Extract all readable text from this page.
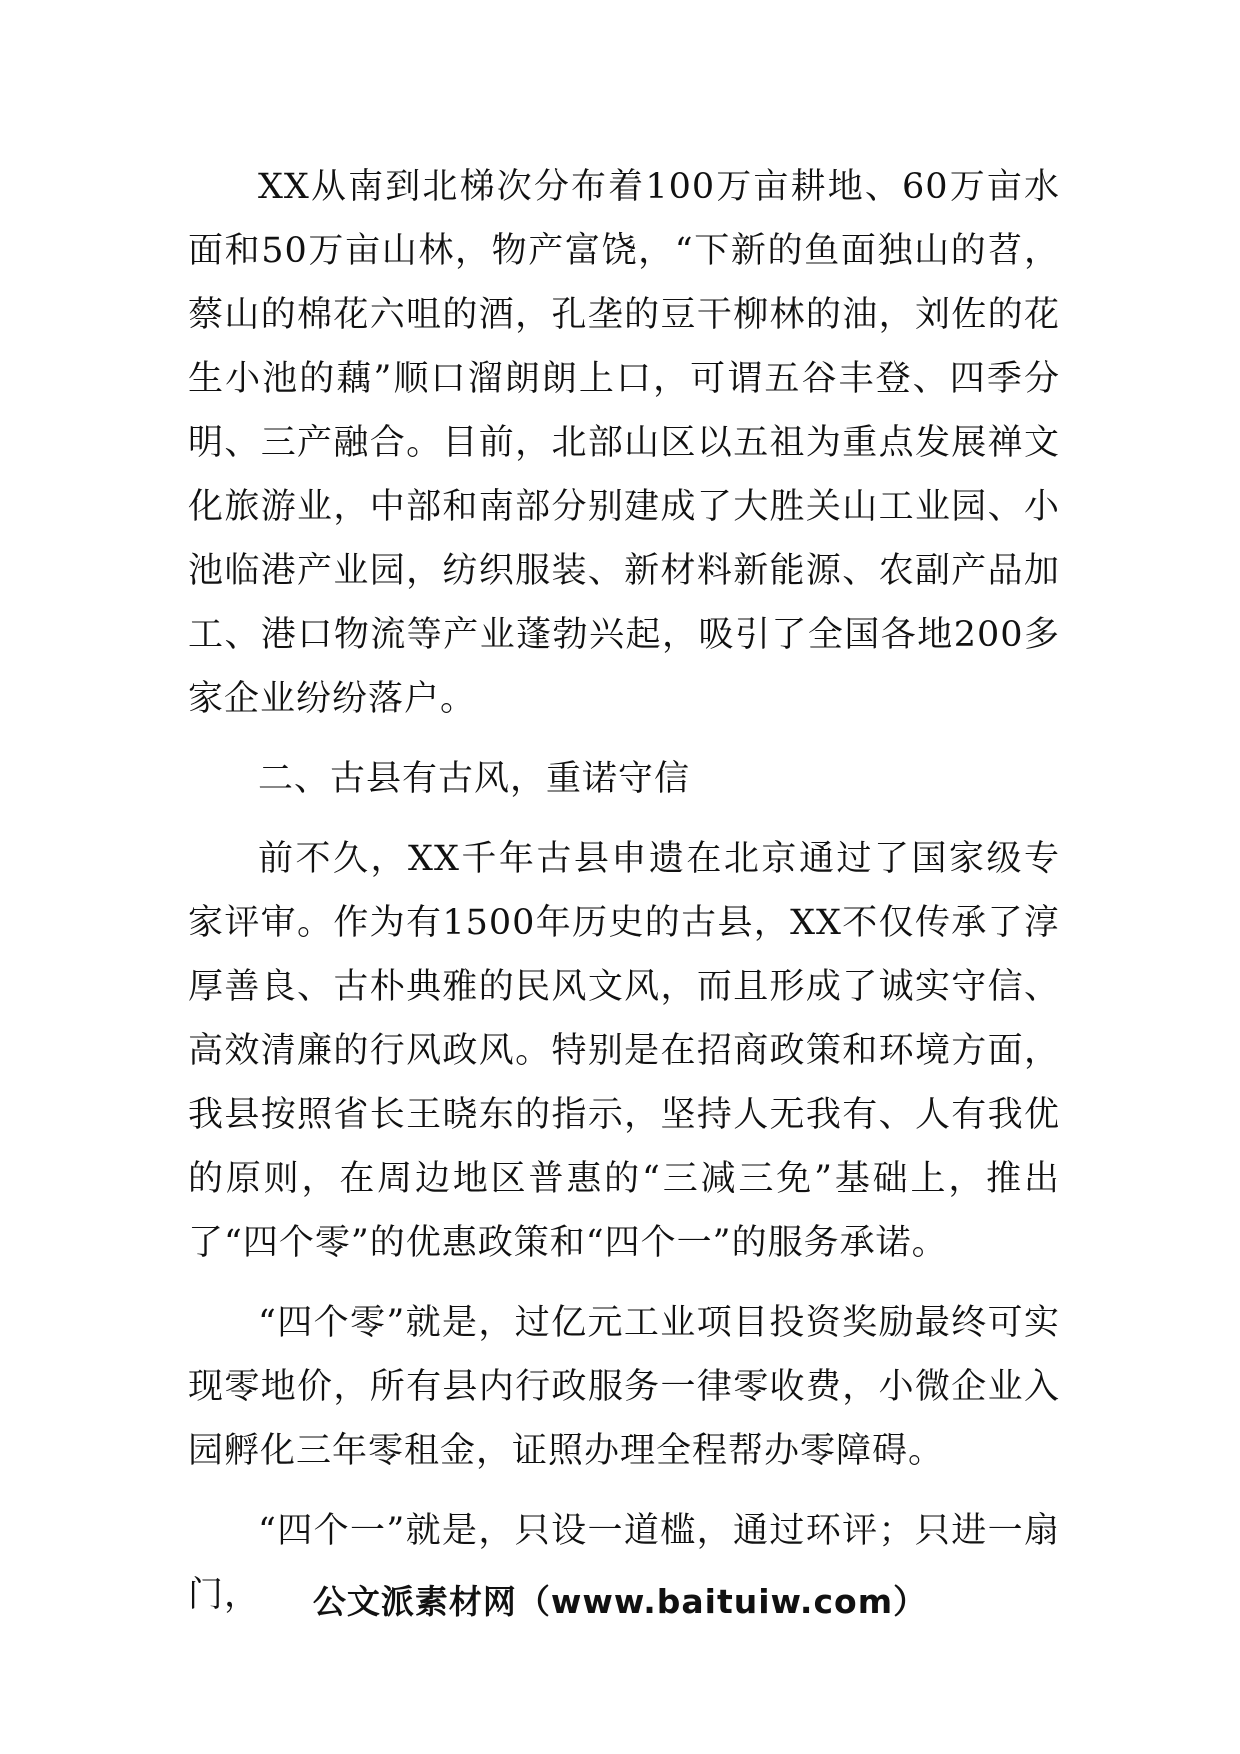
XX从南到北梯次分布着100万亩耕地、60万亩水面和50万亩山林，物产富饶，“下新的鱼面独山的苕，蔡山的棉花六咀的酒，孔垄的豆干柳林的油，刘佐的花生小池的藕”顺口溜朗朗上口，可谓五谷丰登、四季分明、三产融合。目前，北部山区以五祖为重点发展禅文化旅游业，中部和南部分别建成了大胜关山工业园、小池临港产业园，纺织服装、新材料新能源、农副产品加工、港口物流等产业蓬勃兴起，吸引了全国各地200多家企业纷纷落户。

二、古县有古风，重诺守信

前不久，XX千年古县申遗在北京通过了国家级专家评审。作为有1500年历史的古县，XX不仅传承了淳厚善良、古朴典雅的民风文风，而且形成了诚实守信、高效清廉的行风政风。特别是在招商政策和环境方面，我县按照省长王晓东的指示，坚持人无我有、人有我优的原则，在周边地区普惠的“三减三免”基础上，推出了“四个零”的优惠政策和“四个一”的服务承诺。

“四个零”就是，过亿元工业项目投资奖励最终可实现零地价，所有县内行政服务一律零收费，小微企业入园孵化三年零租金，证照办理全程帮办零障碍。

“四个一”就是，只设一道槛，通过环评；只进一扇门，	公文派素材网（www.baituiw.com）
